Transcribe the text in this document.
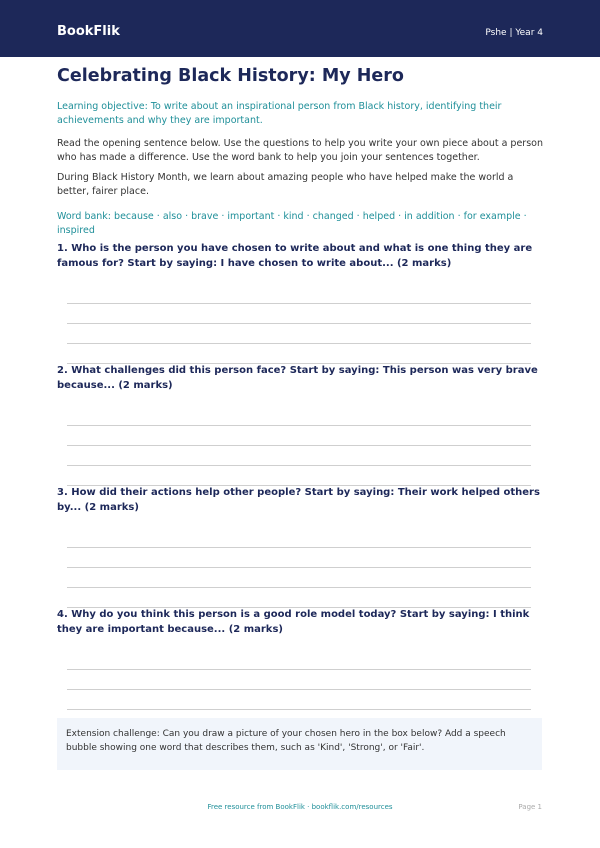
BookFlik	Pshe | Year 4
Celebrating Black History: My Hero
Learning objective: To write about an inspirational person from Black history, identifying their achievements and why they are important.
Read the opening sentence below. Use the questions to help you write your own piece about a person who has made a difference. Use the word bank to help you join your sentences together.
During Black History Month, we learn about amazing people who have helped make the world a better, fairer place.
Word bank: because · also · brave · important · kind · changed · helped · in addition · for example · inspired
1. Who is the person you have chosen to write about and what is one thing they are famous for? Start by saying: I have chosen to write about... (2 marks)
2. What challenges did this person face? Start by saying: This person was very brave because... (2 marks)
3. How did their actions help other people? Start by saying: Their work helped others by... (2 marks)
4. Why do you think this person is a good role model today? Start by saying: I think they are important because... (2 marks)
Extension challenge: Can you draw a picture of your chosen hero in the box below? Add a speech bubble showing one word that describes them, such as 'Kind', 'Strong', or 'Fair'.
Free resource from BookFlik · bookflik.com/resources	Page 1
